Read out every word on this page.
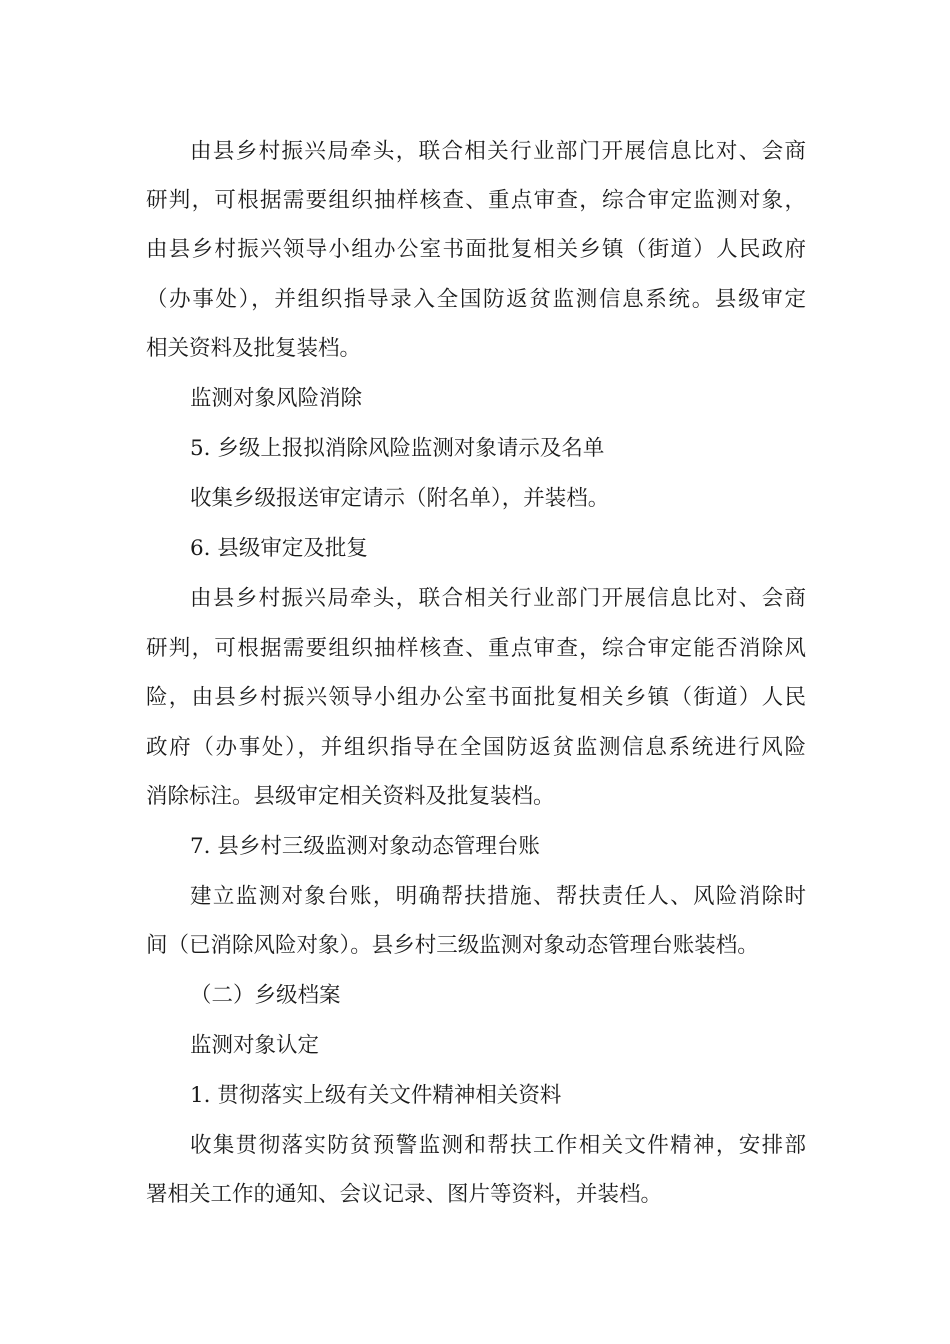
由县乡村振兴局牵头，联合相关行业部门开展信息比对、会商
研判，可根据需要组织抽样核查、重点审查，综合审定监测对象，
由县乡村振兴领导小组办公室书面批复相关乡镇（街道）人民政府
（办事处），并组织指导录入全国防返贫监测信息系统。县级审定
相关资料及批复装档。
监测对象风险消除
5. 乡级上报拟消除风险监测对象请示及名单
收集乡级报送审定请示（附名单），并装档。
6. 县级审定及批复
由县乡村振兴局牵头，联合相关行业部门开展信息比对、会商
研判，可根据需要组织抽样核查、重点审查，综合审定能否消除风
险，由县乡村振兴领导小组办公室书面批复相关乡镇（街道）人民
政府（办事处），并组织指导在全国防返贫监测信息系统进行风险
消除标注。县级审定相关资料及批复装档。
7. 县乡村三级监测对象动态管理台账
建立监测对象台账，明确帮扶措施、帮扶责任人、风险消除时
间（已消除风险对象）。县乡村三级监测对象动态管理台账装档。
（二）乡级档案
监测对象认定
1. 贯彻落实上级有关文件精神相关资料
收集贯彻落实防贫预警监测和帮扶工作相关文件精神，安排部
署相关工作的通知、会议记录、图片等资料，并装档。
